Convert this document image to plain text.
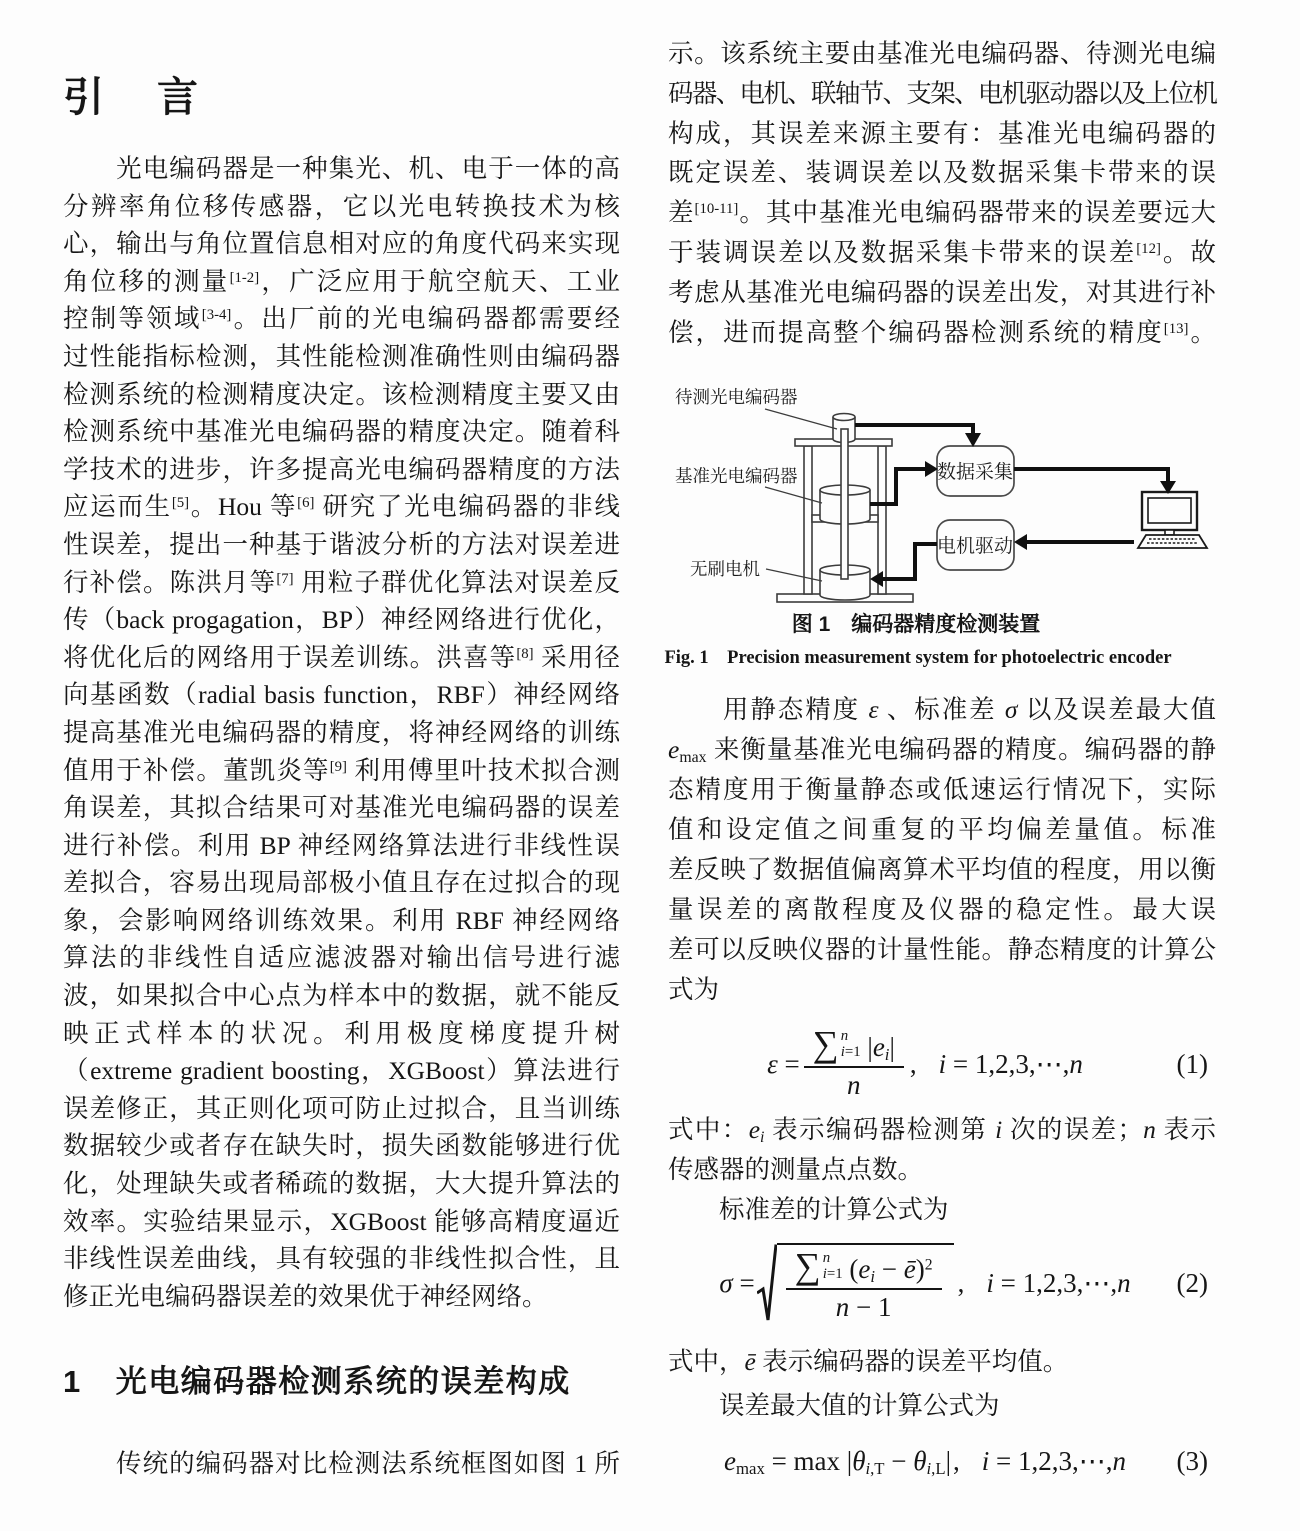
引　言
　　光电编码器是一种集光、机、电于一体的高
分辨率角位移传感器，它以光电转换技术为核
心，输出与角位置信息相对应的角度代码来实现
角位移的测量[1-2]，广泛应用于航空航天、工业
控制等领域[3-4]。出厂前的光电编码器都需要经
过性能指标检测，其性能检测准确性则由编码器
检测系统的检测精度决定。该检测精度主要又由
检测系统中基准光电编码器的精度决定。随着科
学技术的进步，许多提高光电编码器精度的方法
应运而生[5]。Hou 等[6] 研究了光电编码器的非线
性误差，提出一种基于谐波分析的方法对误差进
行补偿。陈洪月等[7] 用粒子群优化算法对误差反
传（back progagation，BP）神经网络进行优化，
将优化后的网络用于误差训练。洪喜等[8] 采用径
向基函数（radial basis function，RBF）神经网络
提高基准光电编码器的精度，将神经网络的训练
值用于补偿。董凯炎等[9] 利用傅里叶技术拟合测
角误差，其拟合结果可对基准光电编码器的误差
进行补偿。利用 BP 神经网络算法进行非线性误
差拟合，容易出现局部极小值且存在过拟合的现
象，会影响网络训练效果。利用 RBF 神经网络
算法的非线性自适应滤波器对输出信号进行滤
波，如果拟合中心点为样本中的数据，就不能反
映正式样本的状况。利用极度梯度提升树
（extreme gradient boosting，XGBoost）算法进行
误差修正，其正则化项可防止过拟合，且当训练
数据较少或者存在缺失时，损失函数能够进行优
化，处理缺失或者稀疏的数据，大大提升算法的
效率。实验结果显示，XGBoost 能够高精度逼近
非线性误差曲线，具有较强的非线性拟合性，且
修正光电编码器误差的效果优于神经网络。
1 光电编码器检测系统的误差构成
　　传统的编码器对比检测法系统框图如图 1 所
示。该系统主要由基准光电编码器、待测光电编
码器、电机、联轴节、支架、电机驱动器以及上位机
构成，其误差来源主要有：基准光电编码器的
既定误差、装调误差以及数据采集卡带来的误
差[10-11]。其中基准光电编码器带来的误差要远大
于装调误差以及数据采集卡带来的误差[12]。故
考虑从基准光电编码器的误差出发，对其进行补
偿，进而提高整个编码器检测系统的精度[13]。
待测光电编码器
基准光电编码器
无刷电机
数据采集
电机驱动
图 1　编码器精度检测装置
Fig. 1　Precision measurement system for photoelectric encoder
　　用静态精度 ε 、标准差 σ 以及误差最大值
$e_{max}$ 来衡量基准光电编码器的精度。编码器的静
态精度用于衡量静态或低速运行情况下，实际
值和设定值之间重复的平均偏差量值。标准
差反映了数据值偏离算术平均值的程度，用以衡
量误差的离散程度及仪器的稳定性。最大误
差可以反映仪器的计量性能。静态精度的计算公
式为
ε = ∑ n
i=1 $|e_i|$
n , i = 1,2,3,⋯,n	(1)
式中：$e_i$ 表示编码器检测第 i 次的误差；n 表示
传感器的测量点点数。
　　标准差的计算公式为
σ = ∑ n
i=1 ($e_i$ − ē)$^2$
n − 1 , i = 1,2,3,⋯,n (2)
式中，ē 表示编码器的误差平均值。
　　误差最大值的计算公式为
$e_{max} = \max |\theta_{i,T} - \theta_{i,L}|$ , i = 1,2,3,⋯,n (3)
